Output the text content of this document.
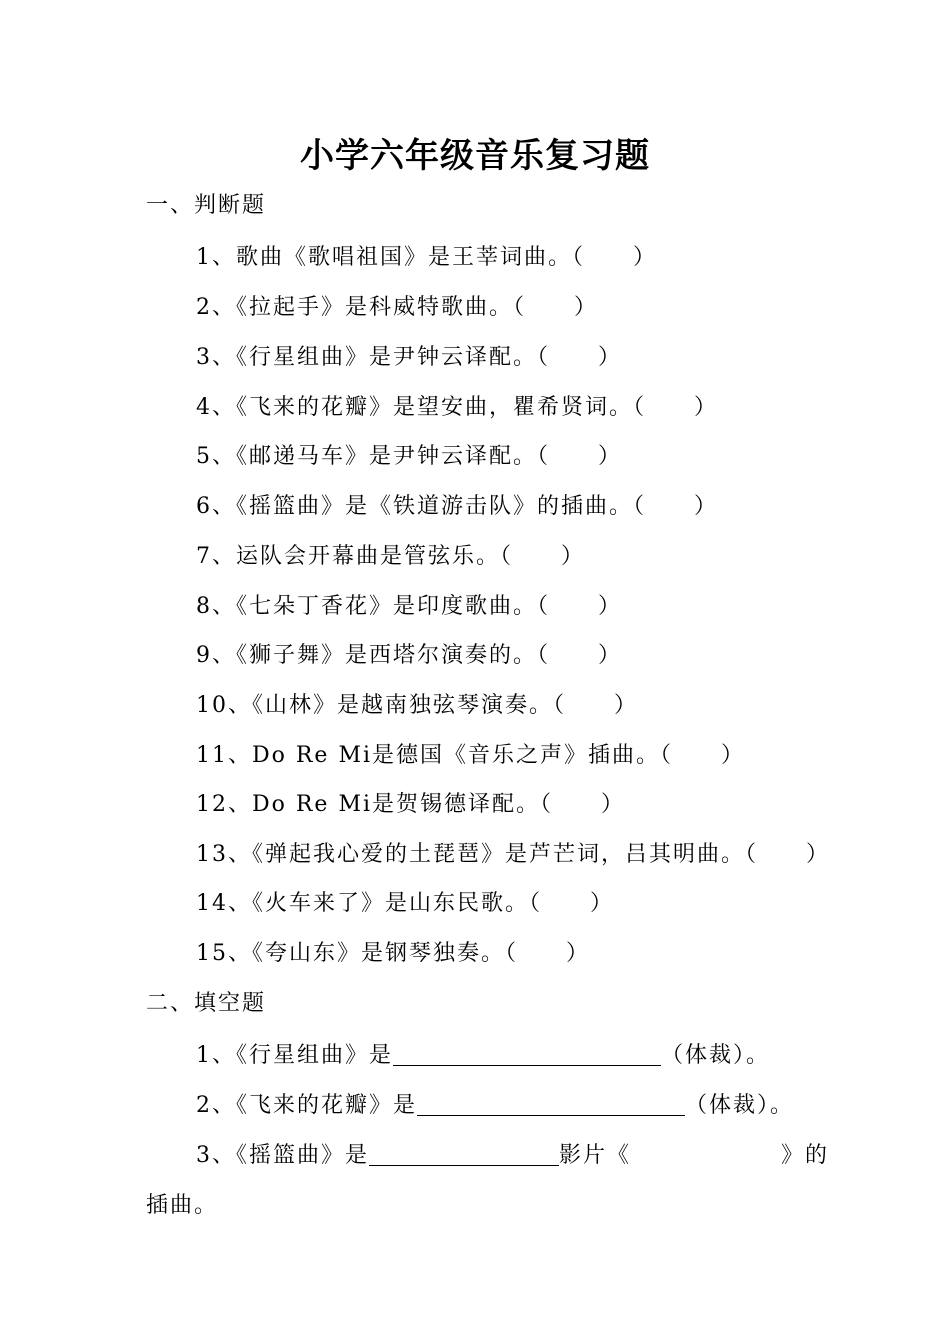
小学六年级音乐复习题
一、判断题
1、歌曲《歌唱祖国》是王莘词曲。（　　）
2、《拉起手》是科威特歌曲。（　　）
3、《行星组曲》是尹钟云译配。（　　）
4、《飞来的花瓣》是望安曲，瞿希贤词。（　　）
5、《邮递马车》是尹钟云译配。（　　）
6、《摇篮曲》是《铁道游击队》的插曲。（　　）
7、运队会开幕曲是管弦乐。（　　）
8、《七朵丁香花》是印度歌曲。（　　）
9、《狮子舞》是西塔尔演奏的。（　　）
10、《山林》是越南独弦琴演奏。（　　）
11、Do Re Mi是德国《音乐之声》插曲。（　　）
12、Do Re Mi是贺锡德译配。（　　）
13、《弹起我心爱的土琵琶》是芦芒词，吕其明曲。（　　）
14、《火车来了》是山东民歌。（　　）
15、《夸山东》是钢琴独奏。（　　）
二、填空题
1、《行星组曲》是	（体裁）。
2、《飞来的花瓣》是	（体裁）。
3、《摇篮曲》是	影片《	》的
插曲。
